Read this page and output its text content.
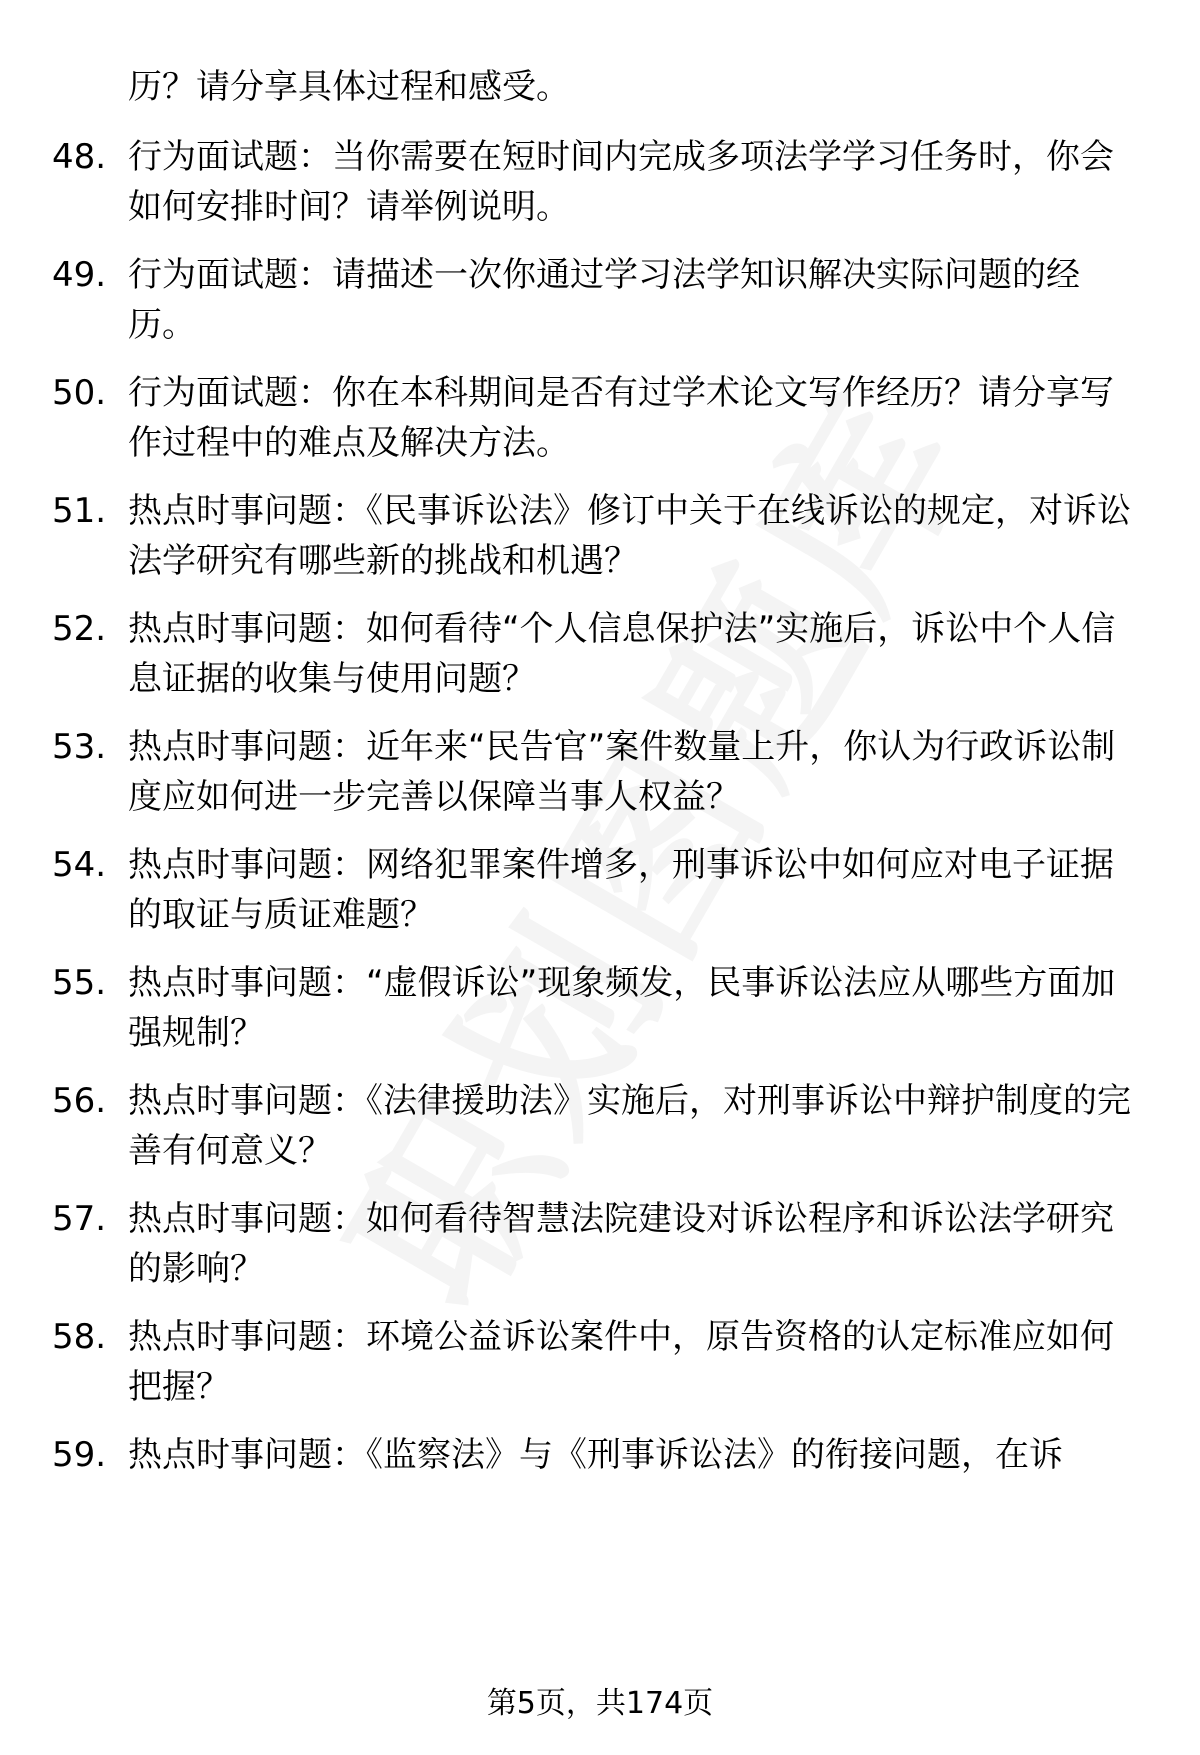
历？请分享具体过程和感受。
48. 行为面试题：当你需要在短时间内完成多项法学学习任务时，你会如何安排时间？请举例说明。
49. 行为面试题：请描述一次你通过学习法学知识解决实际问题的经历。
50. 行为面试题：你在本科期间是否有过学术论文写作经历？请分享写作过程中的难点及解决方法。
51. 热点时事问题：《民事诉讼法》修订中关于在线诉讼的规定，对诉讼法学研究有哪些新的挑战和机遇？
52. 热点时事问题：如何看待“个人信息保护法”实施后，诉讼中个人信息证据的收集与使用问题？
53. 热点时事问题：近年来“民告官”案件数量上升，你认为行政诉讼制度应如何进一步完善以保障当事人权益？
54. 热点时事问题：网络犯罪案件增多，刑事诉讼中如何应对电子证据的取证与质证难题？
55. 热点时事问题：“虚假诉讼”现象频发，民事诉讼法应从哪些方面加强规制？
56. 热点时事问题：《法律援助法》实施后，对刑事诉讼中辩护制度的完善有何意义？
57. 热点时事问题：如何看待智慧法院建设对诉讼程序和诉讼法学研究的影响？
58. 热点时事问题：环境公益诉讼案件中，原告资格的认定标准应如何把握？
59. 热点时事问题：《监察法》与《刑事诉讼法》的衔接问题，在诉
第5页，共174页
